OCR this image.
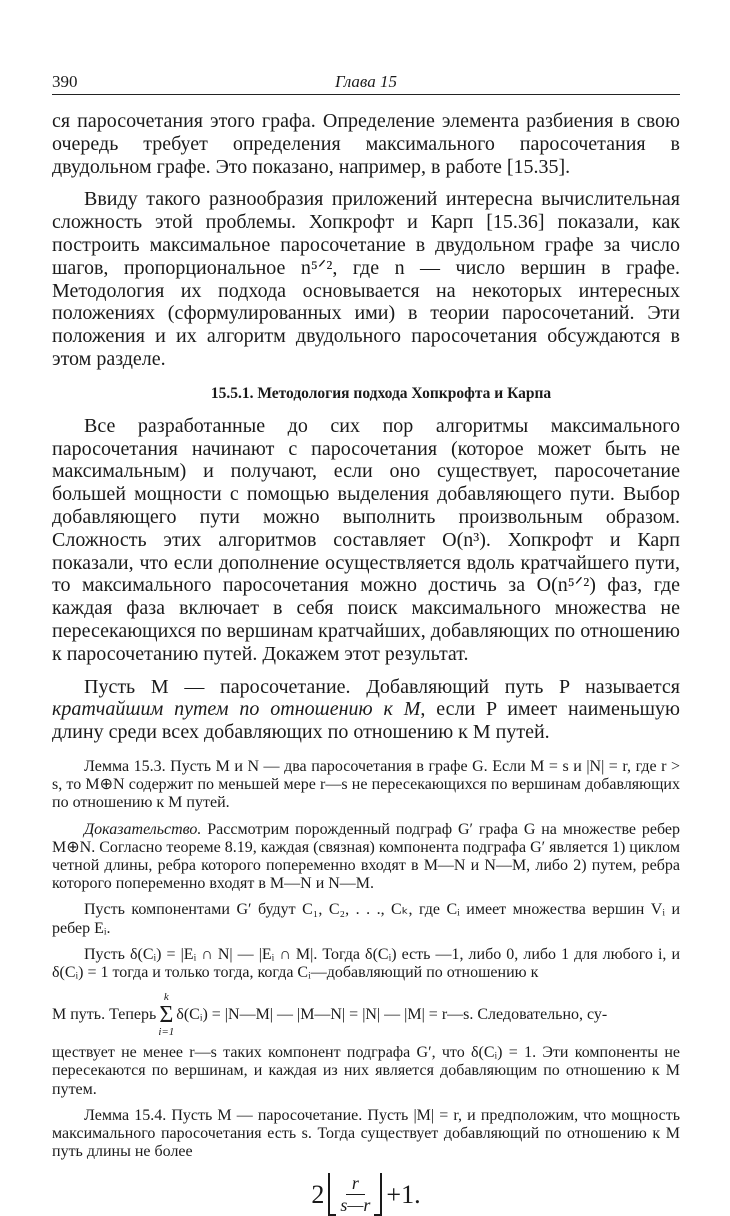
390	Глава 15

ся паросочетания этого графа. Определение элемента разбиения в свою очередь требует определения максимального паросочетания в двудольном графе. Это показано, например, в работе [15.35].

Ввиду такого разнообразия приложений интересна вычислительная сложность этой проблемы. Хопкрофт и Карп [15.36] показали, как построить максимальное паросочетание в двудольном графе за число шагов, пропорциональное n⁵ᐟ², где n — число вершин в графе. Методология их подхода основывается на некоторых интересных положениях (сформулированных ими) в теории паросочетаний. Эти положения и их алгоритм двудольного паросочетания обсуждаются в этом разделе.

15.5.1. Методология подхода Хопкрофта и Карпа

Все разработанные до сих пор алгоритмы максимального паросочетания начинают с паросочетания (которое может быть не максимальным) и получают, если оно существует, паросочетание большей мощности с помощью выделения добавляющего пути. Выбор добавляющего пути можно выполнить произвольным образом. Сложность этих алгоритмов составляет O(n³). Хопкрофт и Карп показали, что если дополнение осуществляется вдоль кратчайшего пути, то максимального паросочетания можно достичь за O(n⁵ᐟ²) фаз, где каждая фаза включает в себя поиск максимального множества не пересекающихся по вершинам кратчайших, добавляющих по отношению к паросочетанию путей. Докажем этот результат.

Пусть M — паросочетание. Добавляющий путь P называется кратчайшим путем по отношению к M, если P имеет наименьшую длину среди всех добавляющих по отношению к M путей.

Лемма 15.3. Пусть M и N — два паросочетания в графе G. Если M = s и |N| = r, где r > s, то M⊕N содержит по меньшей мере r—s не пересекающихся по вершинам добавляющих по отношению к M путей.

Доказательство. Рассмотрим порожденный подграф G′ графа G на множестве ребер M⊕N. Согласно теореме 8.19, каждая (связная) компонента подграфа G′ является 1) циклом четной длины, ребра которого попеременно входят в M—N и N—M, либо 2) путем, ребра которого попеременно входят в M—N и N—M.

Пусть компонентами G′ будут C₁, C₂, . . ., Cₖ, где Cᵢ имеет множества вершин Vᵢ и ребер Eᵢ.

Пусть δ(Cᵢ) = |Eᵢ ∩ N| — |Eᵢ ∩ M|. Тогда δ(Cᵢ) есть —1, либо 0, либо 1 для любого i, и δ(Cᵢ) = 1 тогда и только тогда, когда Cᵢ—добавляющий по отношению к

M путь. Теперь
k
Σ
i=1
δ(Cᵢ) = |N—M| — |M—N| = |N| — |M| = r—s. Следовательно, су-

ществует не менее r—s таких компонент подграфа G′, что δ(Cᵢ) = 1. Эти компоненты не пересекаются по вершинам, и каждая из них является добавляющим по отношению к M путем.

Лемма 15.4. Пусть M — паросочетание. Пусть |M| = r, и предположим, что мощность максимального паросочетания есть s. Тогда существует добавляющий по отношению к M путь длины не более

$2 \frac{r}{s—r} +1$.
